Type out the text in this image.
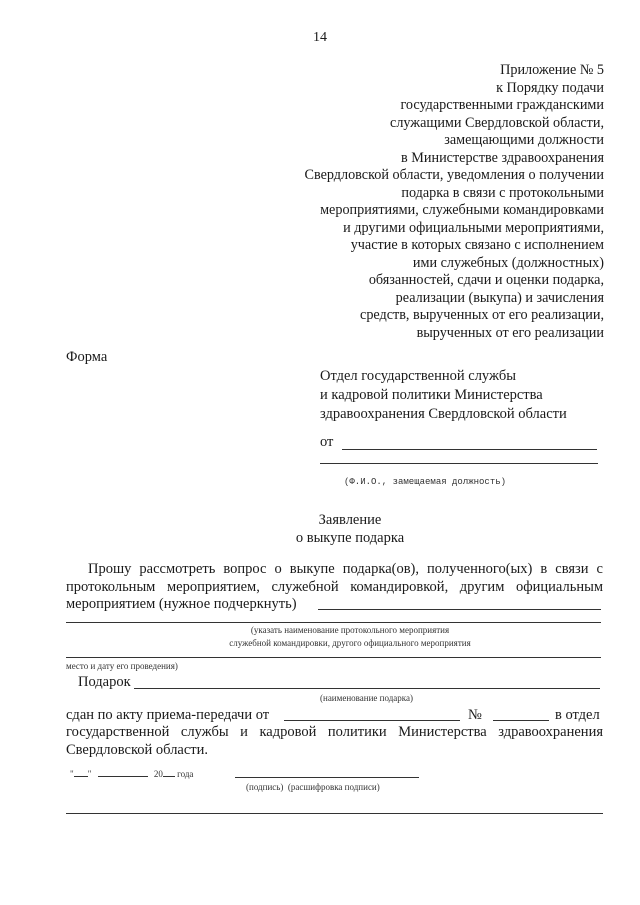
14
Приложение № 5
к Порядку подачи
государственными гражданскими
служащими Свердловской области,
замещающими должности
в Министерстве здравоохранения
Свердловской области, уведомления о получении
подарка в связи с протокольными
мероприятиями, служебными командировками
и другими официальными мероприятиями,
участие в которых связано с исполнением
ими служебных (должностных)
обязанностей, сдачи и оценки подарка,
реализации (выкупа) и зачисления
средств, вырученных от его реализации,
вырученных от его реализации
Форма
Отдел государственной службы
и кадровой политики Министерства
здравоохранения Свердловской области
от
(Ф.И.О., замещаемая должность)
Заявление
о выкупе подарка
Прошу рассмотреть вопрос о выкупе подарка(ов), полученного(ых) в связи с протокольным мероприятием, служебной командировкой, другим официальным мероприятием (нужное подчеркнуть)
(указать наименование протокольного мероприятия
служебной командировки, другого официального мероприятия
место и дату его проведения)
Подарок
(наименование подарка)
сдан по акту приема-передачи от	№	в отдел
государственной службы и кадровой политики Министерства здравоохранения Свердловской области.
" "	20 года
(подпись) (расшифровка подписи)
